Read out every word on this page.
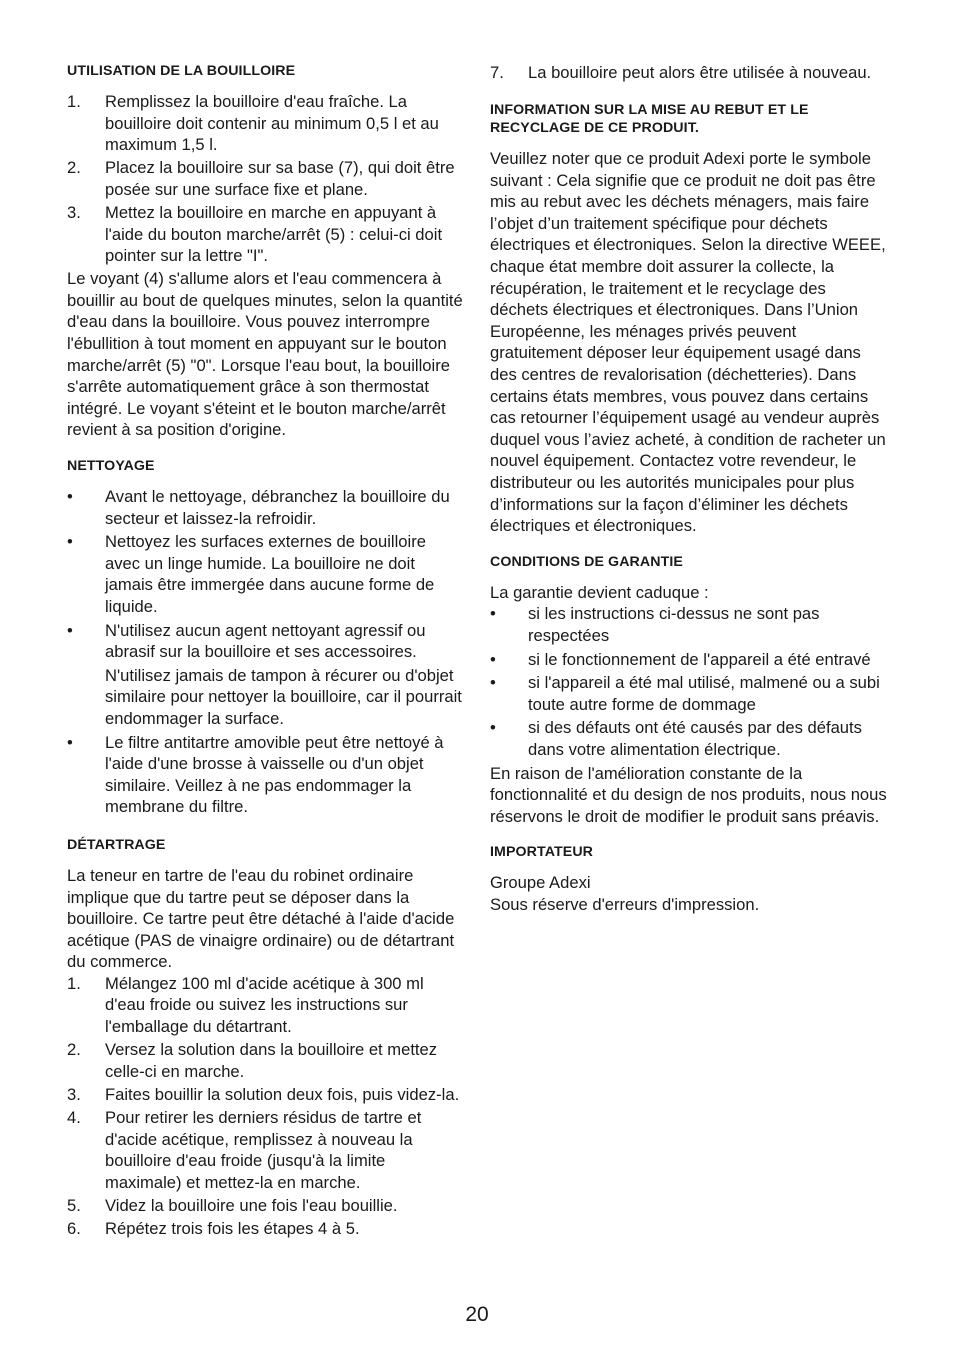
UTILISATION DE LA BOUILLOIRE
1.	Remplissez la bouilloire d'eau fraîche. La bouilloire doit contenir au minimum 0,5 l et au maximum 1,5 l.
2.	Placez la bouilloire sur sa base (7), qui doit être posée sur une surface fixe et plane.
3.	Mettez la bouilloire en marche en appuyant à l'aide du bouton marche/arrêt (5) : celui-ci doit pointer sur la lettre "I".

Le voyant (4) s'allume alors et l'eau commencera à bouillir au bout de quelques minutes, selon la quantité d'eau dans la bouilloire. Vous pouvez interrompre l'ébullition à tout moment en appuyant sur le bouton marche/arrêt (5) "0". Lorsque l'eau bout, la bouilloire s'arrête automatiquement grâce à son thermostat intégré. Le voyant s'éteint et le bouton marche/arrêt revient à sa position d'origine.

NETTOYAGE
•	Avant le nettoyage, débranchez la bouilloire du secteur et laissez-la refroidir.
•	Nettoyez les surfaces externes de bouilloire avec un linge humide. La bouilloire ne doit jamais être immergée dans aucune forme de liquide.
•	N'utilisez aucun agent nettoyant agressif ou abrasif sur la bouilloire et ses accessoires.
N'utilisez jamais de tampon à récurer ou d'objet similaire pour nettoyer la bouilloire, car il pourrait endommager la surface.
•	Le filtre antitartre amovible peut être nettoyé à l'aide d'une brosse à vaisselle ou d'un objet similaire. Veillez à ne pas endommager la membrane du filtre.
DÉTARTRAGE

La teneur en tartre de l'eau du robinet ordinaire implique que du tartre peut se déposer dans la bouilloire. Ce tartre peut être détaché à l'aide d'acide acétique (PAS de vinaigre ordinaire) ou de détartrant du commerce.

1.	Mélangez 100 ml d'acide acétique à 300 ml d'eau froide ou suivez les instructions sur l'emballage du détartrant.
2.	Versez la solution dans la bouilloire et mettez celle-ci en marche.
3.	Faites bouillir la solution deux fois, puis videz-la.
4.	Pour retirer les derniers résidus de tartre et d'acide acétique, remplissez à nouveau la bouilloire d'eau froide (jusqu'à la limite maximale) et mettez-la en marche.
5.	Videz la bouilloire une fois l'eau bouillie.
6.	Répétez trois fois les étapes 4 à 5.
7.	La bouilloire peut alors être utilisée à nouveau.
INFORMATION SUR LA MISE AU REBUT ET LE RECYCLAGE DE CE PRODUIT.

Veuillez noter que ce produit Adexi porte le symbole suivant : Cela signifie que ce produit ne doit pas être mis au rebut avec les déchets ménagers, mais faire l’objet d’un traitement spécifique pour déchets électriques et électroniques. Selon la directive WEEE, chaque état membre doit assurer la collecte, la récupération, le traitement et le recyclage des déchets électriques et électroniques. Dans l’Union Européenne, les ménages privés peuvent gratuitement déposer leur équipement usagé dans des centres de revalorisation (déchetteries). Dans certains états membres, vous pouvez dans certains cas retourner l’équipement usagé au vendeur auprès duquel vous l’aviez acheté, à condition de racheter un nouvel équipement. Contactez votre revendeur, le distributeur ou les autorités municipales pour plus d’informations sur la façon d’éliminer les déchets électriques et électroniques.

CONDITIONS DE GARANTIE

La garantie devient caduque :

•	si les instructions ci-dessus ne sont pas respectées
•	si le fonctionnement de l'appareil a été entravé
•	si l'appareil a été mal utilisé, malmené ou a subi toute autre forme de dommage
•	si des défauts ont été causés par des défauts dans votre alimentation électrique.

En raison de l'amélioration constante de la fonctionnalité et du design de nos produits, nous nous réservons le droit de modifier le produit sans préavis.

IMPORTATEUR

Groupe Adexi

Sous réserve d'erreurs d'impression.

20
